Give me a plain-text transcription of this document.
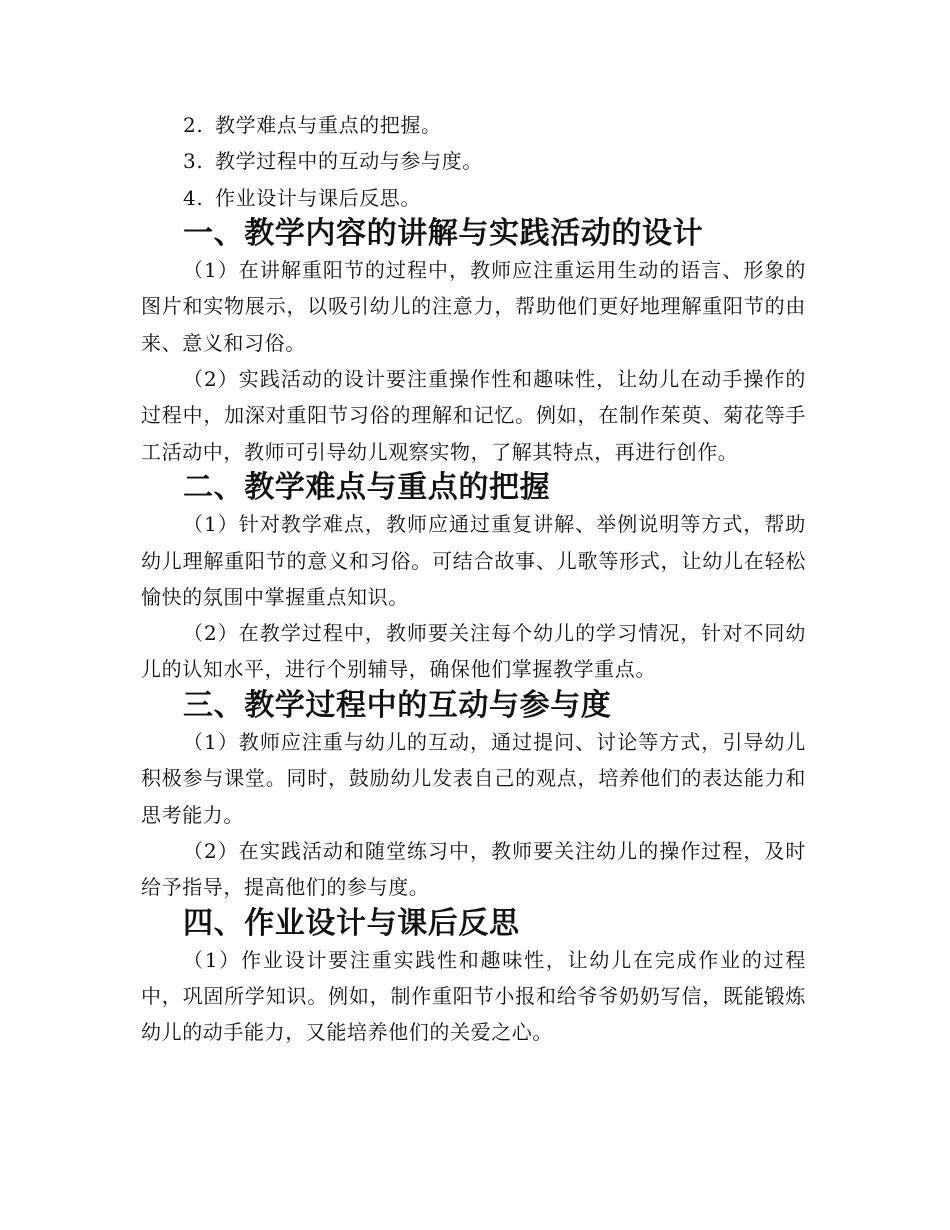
2. 教学难点与重点的把握。

3. 教学过程中的互动与参与度。

4. 作业设计与课后反思。

一、教学内容的讲解与实践活动的设计

（1）在讲解重阳节的过程中，教师应注重运用生动的语言、形象的图片和实物展示，以吸引幼儿的注意力，帮助他们更好地理解重阳节的由来、意义和习俗。

（2）实践活动的设计要注重操作性和趣味性，让幼儿在动手操作的过程中，加深对重阳节习俗的理解和记忆。例如，在制作茱萸、菊花等手工活动中，教师可引导幼儿观察实物，了解其特点，再进行创作。

二、教学难点与重点的把握

（1）针对教学难点，教师应通过重复讲解、举例说明等方式，帮助幼儿理解重阳节的意义和习俗。可结合故事、儿歌等形式，让幼儿在轻松愉快的氛围中掌握重点知识。

（2）在教学过程中，教师要关注每个幼儿的学习情况，针对不同幼儿的认知水平，进行个别辅导，确保他们掌握教学重点。

三、教学过程中的互动与参与度

（1）教师应注重与幼儿的互动，通过提问、讨论等方式，引导幼儿积极参与课堂。同时，鼓励幼儿发表自己的观点，培养他们的表达能力和思考能力。

（2）在实践活动和随堂练习中，教师要关注幼儿的操作过程，及时给予指导，提高他们的参与度。

四、作业设计与课后反思

（1）作业设计要注重实践性和趣味性，让幼儿在完成作业的过程中，巩固所学知识。例如，制作重阳节小报和给爷爷奶奶写信，既能锻炼幼儿的动手能力，又能培养他们的关爱之心。
